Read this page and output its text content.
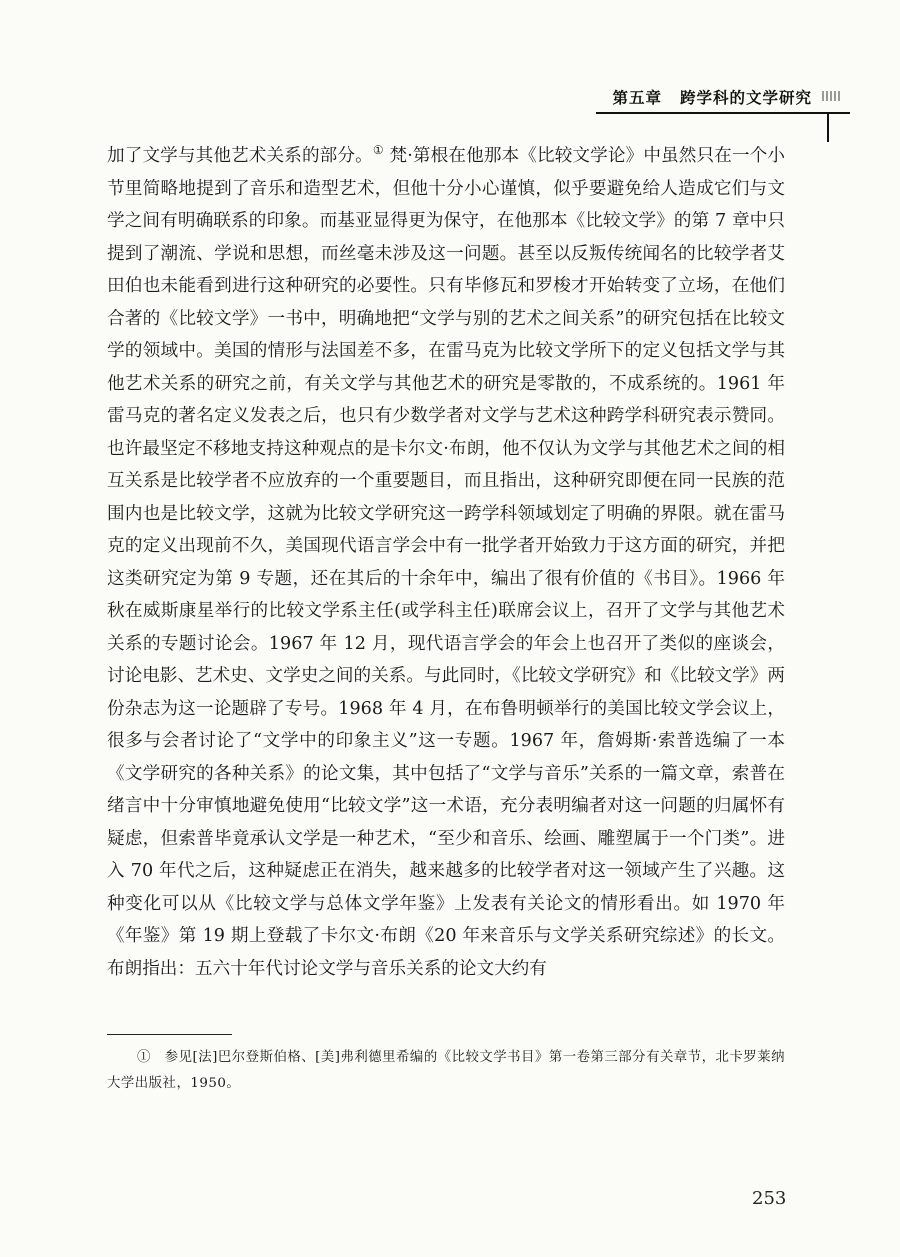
第五章 跨学科的文学研究

加了文学与其他艺术关系的部分。① 梵·第根在他那本《比较文学论》中虽然只在一个小节里简略地提到了音乐和造型艺术，但他十分小心谨慎，似乎要避免给人造成它们与文学之间有明确联系的印象。而基亚显得更为保守，在他那本《比较文学》的第 7 章中只提到了潮流、学说和思想，而丝毫未涉及这一问题。甚至以反叛传统闻名的比较学者艾田伯也未能看到进行这种研究的必要性。只有毕修瓦和罗梭才开始转变了立场，在他们合著的《比较文学》一书中，明确地把“文学与别的艺术之间关系”的研究包括在比较文学的领域中。美国的情形与法国差不多，在雷马克为比较文学所下的定义包括文学与其他艺术关系的研究之前，有关文学与其他艺术的研究是零散的，不成系统的。1961 年雷马克的著名定义发表之后，也只有少数学者对文学与艺术这种跨学科研究表示赞同。也许最坚定不移地支持这种观点的是卡尔文·布朗，他不仅认为文学与其他艺术之间的相互关系是比较学者不应放弃的一个重要题目，而且指出，这种研究即便在同一民族的范围内也是比较文学，这就为比较文学研究这一跨学科领域划定了明确的界限。就在雷马克的定义出现前不久，美国现代语言学会中有一批学者开始致力于这方面的研究，并把这类研究定为第 9 专题，还在其后的十余年中，编出了很有价值的《书目》。1966 年秋在威斯康星举行的比较文学系主任(或学科主任)联席会议上，召开了文学与其他艺术关系的专题讨论会。1967 年 12 月，现代语言学会的年会上也召开了类似的座谈会，讨论电影、艺术史、文学史之间的关系。与此同时，《比较文学研究》和《比较文学》两份杂志为这一论题辟了专号。1968 年 4 月，在布鲁明顿举行的美国比较文学会议上，很多与会者讨论了“文学中的印象主义”这一专题。1967 年，詹姆斯·索普选编了一本《文学研究的各种关系》的论文集，其中包括了“文学与音乐”关系的一篇文章，索普在绪言中十分审慎地避免使用“比较文学”这一术语，充分表明编者对这一问题的归属怀有疑虑，但索普毕竟承认文学是一种艺术，“至少和音乐、绘画、雕塑属于一个门类”。进入 70 年代之后，这种疑虑正在消失，越来越多的比较学者对这一领域产生了兴趣。这种变化可以从《比较文学与总体文学年鉴》上发表有关论文的情形看出。如 1970 年《年鉴》第 19 期上登载了卡尔文·布朗《20 年来音乐与文学关系研究综述》的长文。布朗指出：五六十年代讨论文学与音乐关系的论文大约有

①　参见[法]巴尔登斯伯格、[美]弗利德里希编的《比较文学书目》第一卷第三部分有关章节，北卡罗莱纳大学出版社，1950。

253
